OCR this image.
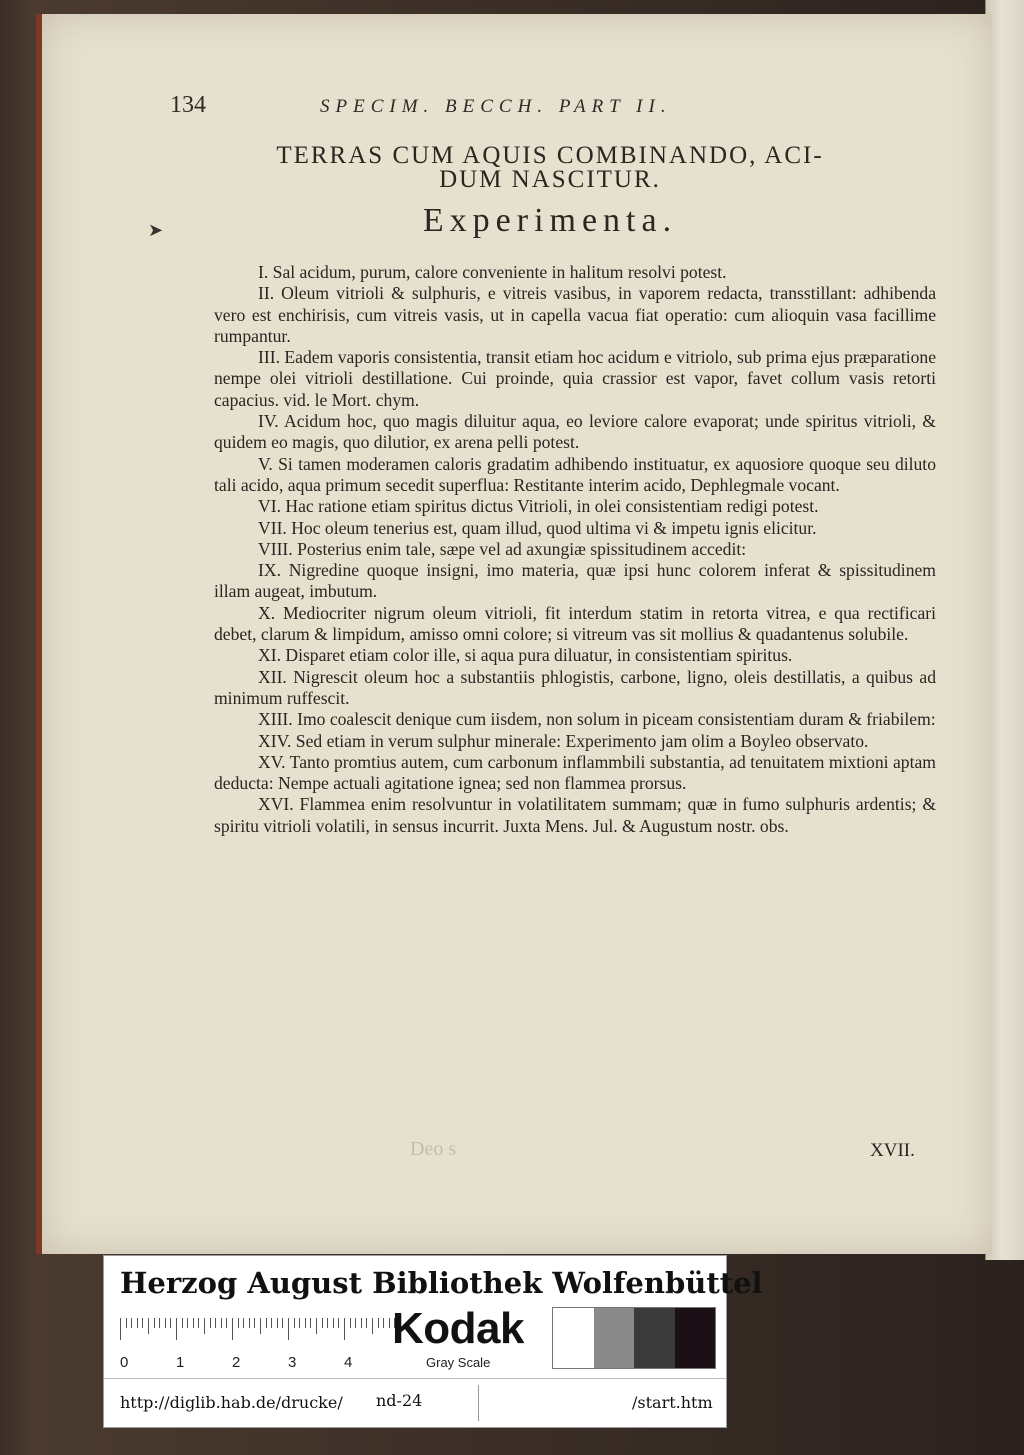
134	SPECIM. BECCH. PART II.
TERRAS CUM AQUIS COMBINANDO, ACI-
DUM NASCITUR.
➤	Experimenta.

I. Sal acidum, purum, calore conveniente in halitum resolvi potest.

II. Oleum vitrioli & sulphuris, e vitreis vasibus, in vaporem redacta, transstillant: adhibenda vero est enchirisis, cum vitreis vasis, ut in capella vacua fiat operatio: cum alioquin vasa facillime rumpantur.

III. Eadem vaporis consistentia, transit etiam hoc acidum e vitriolo, sub prima ejus præparatione nempe olei vitrioli destillatione. Cui proinde, quia crassior est vapor, favet collum vasis retorti capacius. vid. le Mort. chym.

IV. Acidum hoc, quo magis diluitur aqua, eo leviore calore evaporat; unde spiritus vitrioli, & quidem eo magis, quo dilutior, ex arena pelli potest.

V. Si tamen moderamen caloris gradatim adhibendo instituatur, ex aquosiore quoque seu diluto tali acido, aqua primum secedit superflua: Restitante interim acido, Dephlegmale vocant.

VI. Hac ratione etiam spiritus dictus Vitrioli, in olei consistentiam redigi potest.

VII. Hoc oleum tenerius est, quam illud, quod ultima vi & impetu ignis elicitur.

VIII. Posterius enim tale, sæpe vel ad axungiæ spissitudinem accedit:

IX. Nigredine quoque insigni, imo materia, quæ ipsi hunc colorem inferat & spissitudinem illam augeat, imbutum.

X. Mediocriter nigrum oleum vitrioli, fit interdum statim in retorta vitrea, e qua rectificari debet, clarum & limpidum, amisso omni colore; si vitreum vas sit mollius & quadantenus solubile.

XI. Disparet etiam color ille, si aqua pura diluatur, in consistentiam spiritus.

XII. Nigrescit oleum hoc a substantiis phlogistis, carbone, ligno, oleis destillatis, a quibus ad minimum ruffescit.

XIII. Imo coalescit denique cum iisdem, non solum in piceam consistentiam duram & friabilem:

XIV. Sed etiam in verum sulphur minerale: Experimento jam olim a Boyleo observato.

XV. Tanto promtius autem, cum carbonum inflammbili substantia, ad tenuitatem mixtioni aptam deducta: Nempe actuali agitatione ignea; sed non flammea prorsus.

XVI. Flammea enim resolvuntur in volatilitatem summam; quæ in fumo sulphuris ardentis; & spiritu vitrioli volatili, in sensus incurrit. Juxta Mens. Jul. & Augustum nostr. obs.

Deo s	XVII.
Herzog August Bibliothek Wolfenbüttel
0	1	2	3	4
Kodak
Gray Scale
http://diglib.hab.de/drucke/ nd-24	/start.htm
